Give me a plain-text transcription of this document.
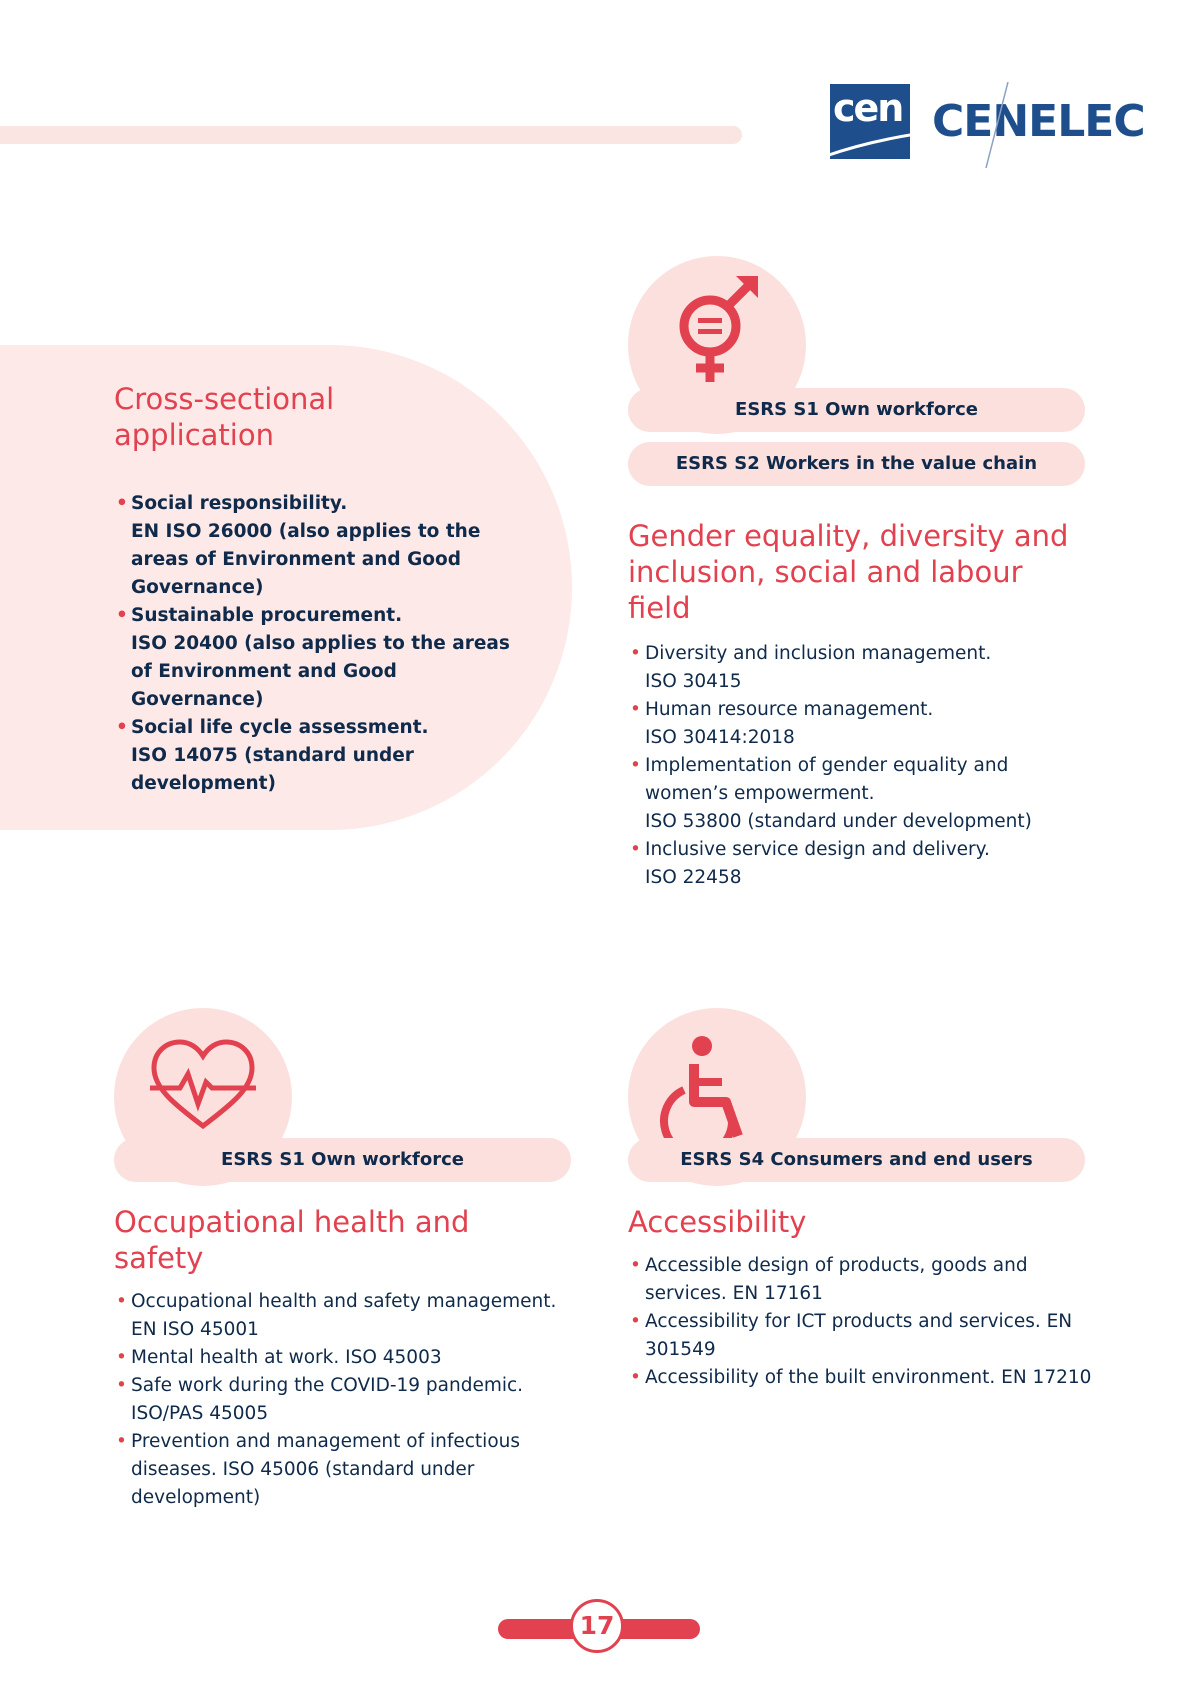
cen CENELEC
Cross-sectional application
• Social responsibility.
EN ISO 26000 (also applies to the areas of Environment and Good Governance)
• Sustainable procurement.
ISO 20400 (also applies to the areas of Environment and Good Governance)
• Social life cycle assessment.
ISO 14075 (standard under development)
ESRS S1 Own workforce
ESRS S2 Workers in the value chain
Gender equality, diversity and inclusion, social and labour field
• Diversity and inclusion management.
ISO 30415
• Human resource management.
ISO 30414:2018
• Implementation of gender equality and women’s empowerment.
ISO 53800 (standard under development)
• Inclusive service design and delivery.
ISO 22458
ESRS S1 Own workforce
Occupational health and safety
• Occupational health and safety management. EN ISO 45001
• Mental health at work. ISO 45003
• Safe work during the COVID-19 pandemic. ISO/PAS 45005
• Prevention and management of infectious diseases. ISO 45006 (standard under development)
ESRS S4 Consumers and end users
Accessibility
• Accessible design of products, goods and services. EN 17161
• Accessibility for ICT products and services. EN 301549
• Accessibility of the built environment. EN 17210
17
